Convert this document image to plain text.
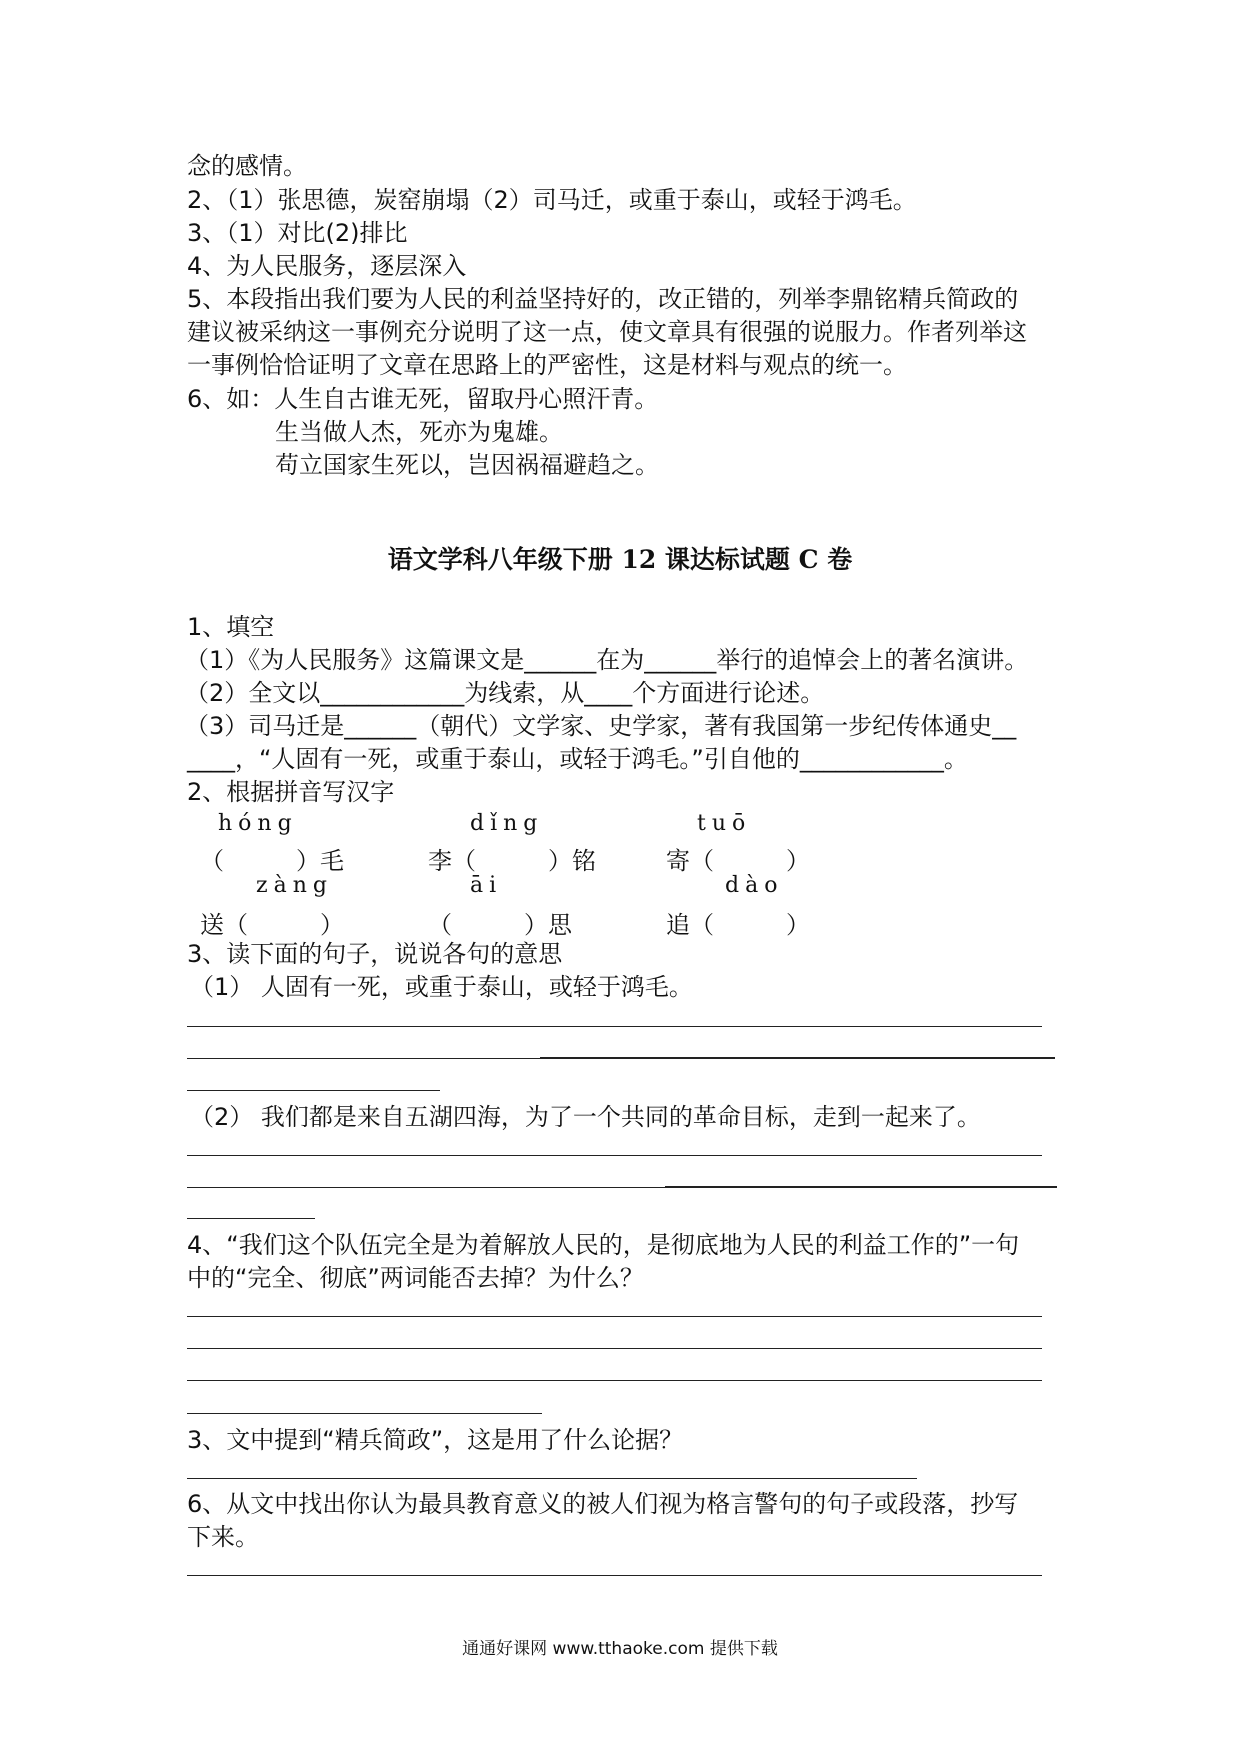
念的感情。
2、（1）张思德，炭窑崩塌（2）司马迁，或重于泰山，或轻于鸿毛。
3、（1）对比(2)排比
4、为人民服务，逐层深入
5、本段指出我们要为人民的利益坚持好的，改正错的，列举李鼎铭精兵简政的
建议被采纳这一事例充分说明了这一点，使文章具有很强的说服力。作者列举这
一事例恰恰证明了文章在思路上的严密性，这是材料与观点的统一。
6、如：人生自古谁无死，留取丹心照汗青。
生当做人杰，死亦为鬼雄。
苟立国家生死以，岂因祸福避趋之。
语文学科八年级下册 12 课达标试题 C 卷
1、填空
（1）《为人民服务》这篇课文是______在为______举行的追悼会上的著名演讲。
（2）全文以____________为线索，从____个方面进行论述。
（3）司马迁是______（朝代）文学家、史学家，著有我国第一步纪传体通史__
____，“人固有一死，或重于泰山，或轻于鸿毛。”引自他的____________。
2、根据拼音写汉字
hóng	dǐng	tuō
（　　　）毛	李（　　　）铭	寄（　　　）
zàng	āi	dào
送（　　　）	（　　　）思	追（　　　）
3、读下面的句子，说说各句的意思
（1） 人固有一死，或重于泰山，或轻于鸿毛。
（2） 我们都是来自五湖四海，为了一个共同的革命目标，走到一起来了。
4、“我们这个队伍完全是为着解放人民的，是彻底地为人民的利益工作的”一句
中的“完全、彻底”两词能否去掉？为什么？
3、文中提到“精兵简政”，这是用了什么论据？
6、从文中找出你认为最具教育意义的被人们视为格言警句的句子或段落，抄写
下来。
通通好课网 www.tthaoke.com 提供下载
